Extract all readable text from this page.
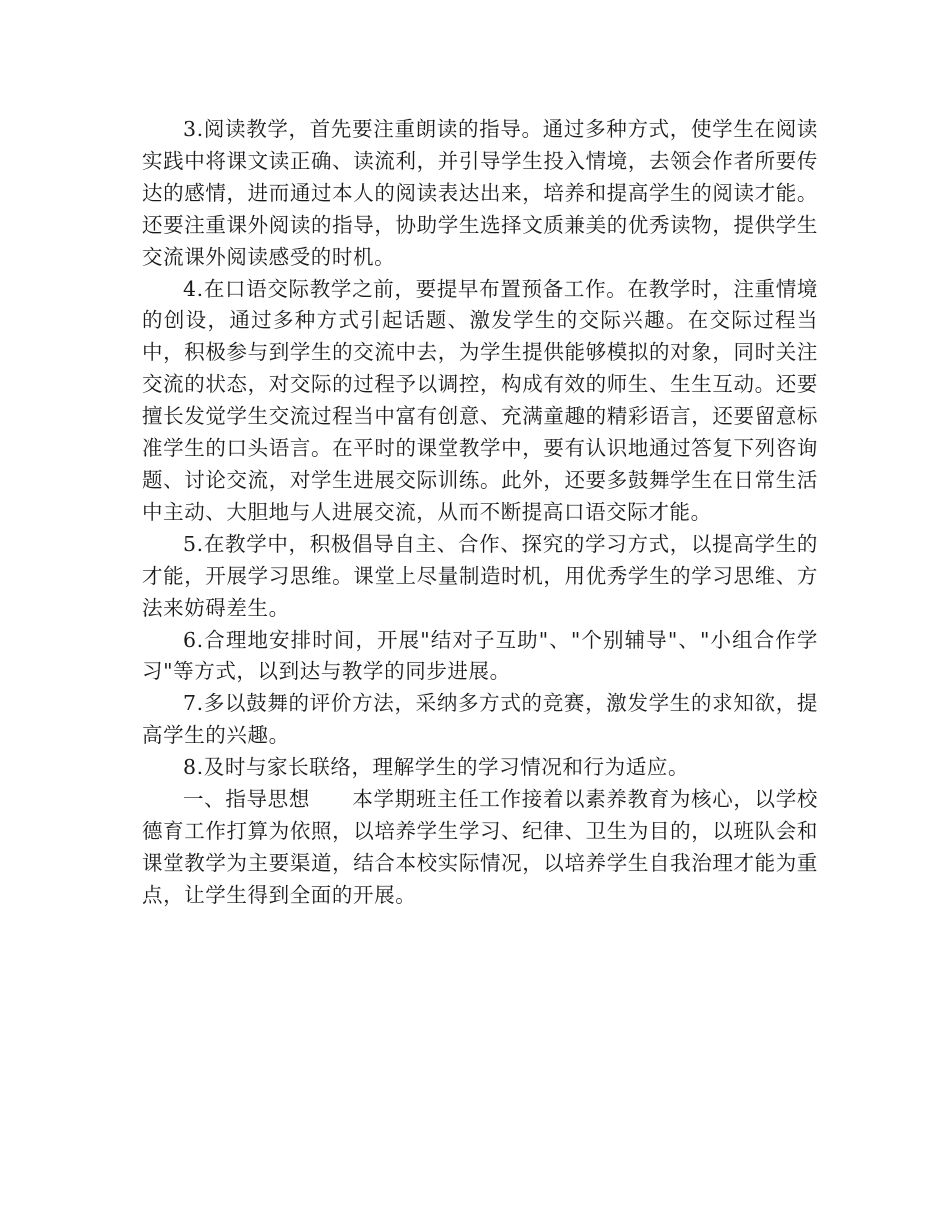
3.阅读教学，首先要注重朗读的指导。通过多种方式，使学生在阅读实践中将课文读正确、读流利，并引导学生投入情境，去领会作者所要传达的感情，进而通过本人的阅读表达出来，培养和提高学生的阅读才能。还要注重课外阅读的指导，协助学生选择文质兼美的优秀读物，提供学生交流课外阅读感受的时机。

4.在口语交际教学之前，要提早布置预备工作。在教学时，注重情境的创设，通过多种方式引起话题、激发学生的交际兴趣。在交际过程当中，积极参与到学生的交流中去，为学生提供能够模拟的对象，同时关注交流的状态，对交际的过程予以调控，构成有效的师生、生生互动。还要擅长发觉学生交流过程当中富有创意、充满童趣的精彩语言，还要留意标准学生的口头语言。在平时的课堂教学中，要有认识地通过答复下列咨询题、讨论交流，对学生进展交际训练。此外，还要多鼓舞学生在日常生活中主动、大胆地与人进展交流，从而不断提高口语交际才能。

5.在教学中，积极倡导自主、合作、探究的学习方式，以提高学生的才能，开展学习思维。课堂上尽量制造时机，用优秀学生的学习思维、方法来妨碍差生。

6.合理地安排时间，开展"结对子互助"、"个别辅导"、"小组合作学习"等方式，以到达与教学的同步进展。

7.多以鼓舞的评价方法，采纳多方式的竞赛，激发学生的求知欲，提高学生的兴趣。

8.及时与家长联络，理解学生的学习情况和行为适应。

一、指导思想　　本学期班主任工作接着以素养教育为核心，以学校德育工作打算为依照，以培养学生学习、纪律、卫生为目的，以班队会和课堂教学为主要渠道，结合本校实际情况，以培养学生自我治理才能为重点，让学生得到全面的开展。
